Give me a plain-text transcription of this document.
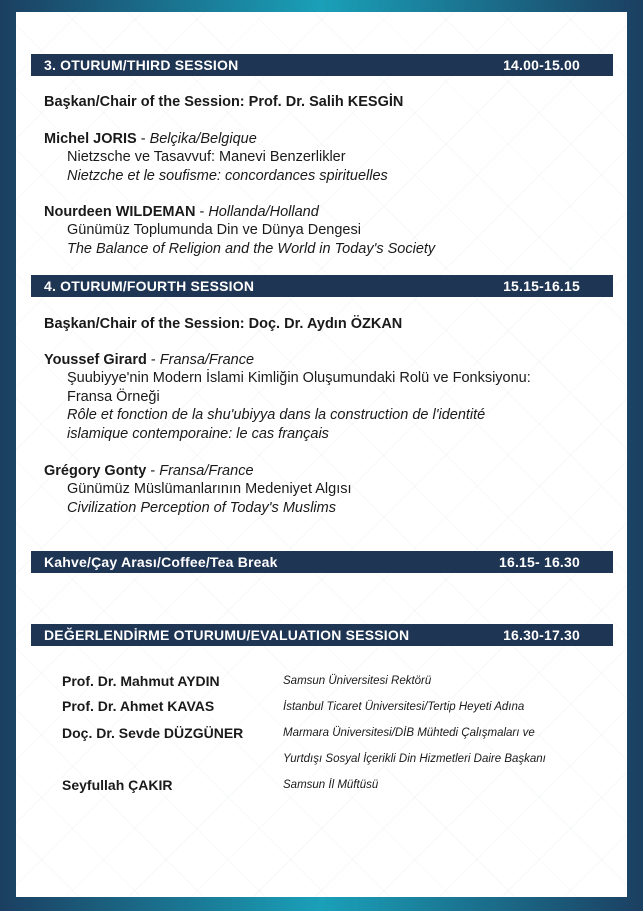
3. OTURUM/THIRD SESSION	14.00-15.00
Başkan/Chair of the Session: Prof. Dr. Salih KESGİN
Michel JORIS - Belçika/Belgique
Nietzsche ve Tasavvuf: Manevi Benzerlikler
Nietzche et le soufisme: concordances spirituelles
Nourdeen WILDEMAN - Hollanda/Holland
Günümüz Toplumunda Din ve Dünya Dengesi
The Balance of Religion and the World in Today's Society
4. OTURUM/FOURTH SESSION	15.15-16.15
Başkan/Chair of the Session: Doç. Dr. Aydın ÖZKAN
Youssef Girard - Fransa/France
Şuubiyye'nin Modern İslami Kimliğin Oluşumundaki Rolü ve Fonksiyonu:
Fransa Örneği
Rôle et fonction de la shu'ubiyya dans la construction de l'identité
islamique contemporaine: le cas français
Grégory Gonty - Fransa/France
Günümüz Müslümanlarının Medeniyet Algısı
Civilization Perception of Today's Muslims
Kahve/Çay Arası/Coffee/Tea Break	16.15- 16.30
DEĞERLENDİRME OTURUMU/EVALUATION SESSION	16.30-17.30
Prof. Dr. Mahmut AYDIN	Samsun Üniversitesi Rektörü
Prof. Dr. Ahmet KAVAS	İstanbul Ticaret Üniversitesi/Tertip Heyeti Adına
Doç. Dr. Sevde DÜZGÜNER	Marmara Üniversitesi/DİB Mühtedi Çalışmaları ve
Yurtdışı Sosyal İçerikli Din Hizmetleri Daire Başkanı
Seyfullah ÇAKIR	Samsun İl Müftüsü
